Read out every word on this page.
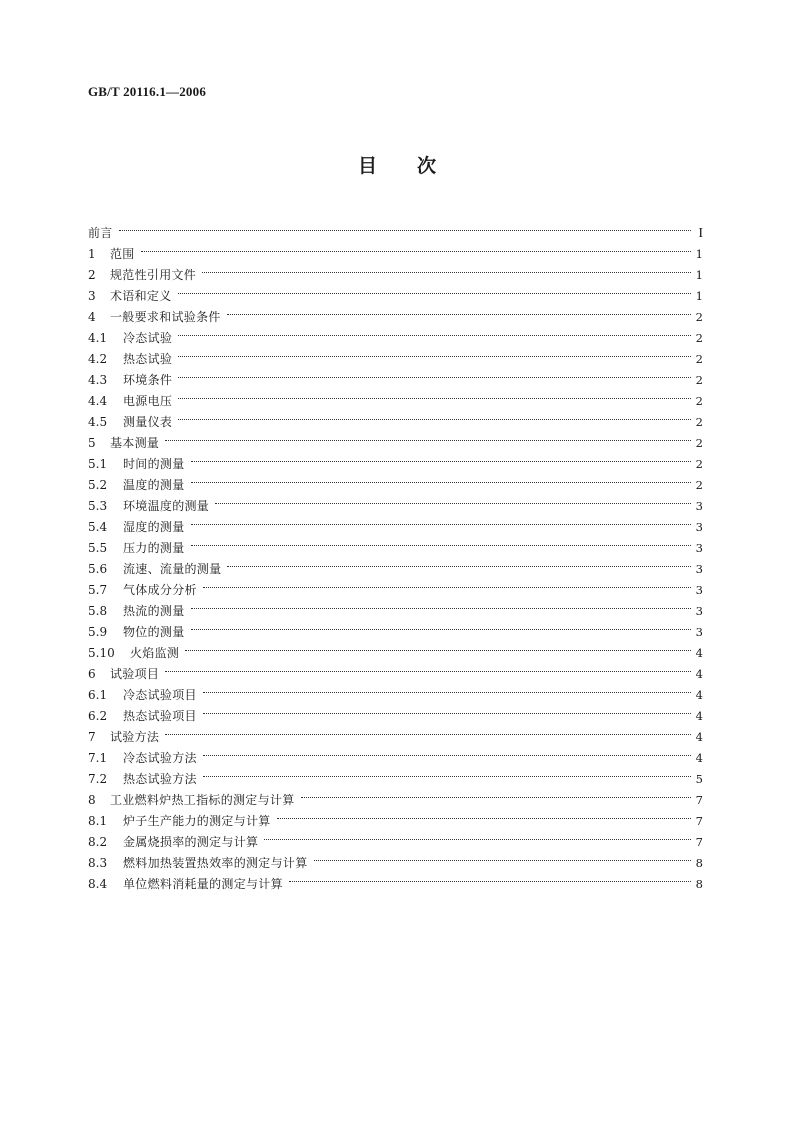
GB/T 20116.1—2006
目 次
前言	I
1	范围	1
2	规范性引用文件	1
3	术语和定义	1
4	一般要求和试验条件	2
4.1	冷态试验	2
4.2	热态试验	2
4.3	环境条件	2
4.4	电源电压	2
4.5	测量仪表	2
5	基本测量	2
5.1	时间的测量	2
5.2	温度的测量	2
5.3	环境温度的测量	3
5.4	湿度的测量	3
5.5	压力的测量	3
5.6	流速、流量的测量	3
5.7	气体成分分析	3
5.8	热流的测量	3
5.9	物位的测量	3
5.10	火焰监测	4
6	试验项目	4
6.1	冷态试验项目	4
6.2	热态试验项目	4
7	试验方法	4
7.1	冷态试验方法	4
7.2	热态试验方法	5
8	工业燃料炉热工指标的测定与计算	7
8.1	炉子生产能力的测定与计算	7
8.2	金属烧损率的测定与计算	7
8.3	燃料加热装置热效率的测定与计算	8
8.4	单位燃料消耗量的测定与计算	8
